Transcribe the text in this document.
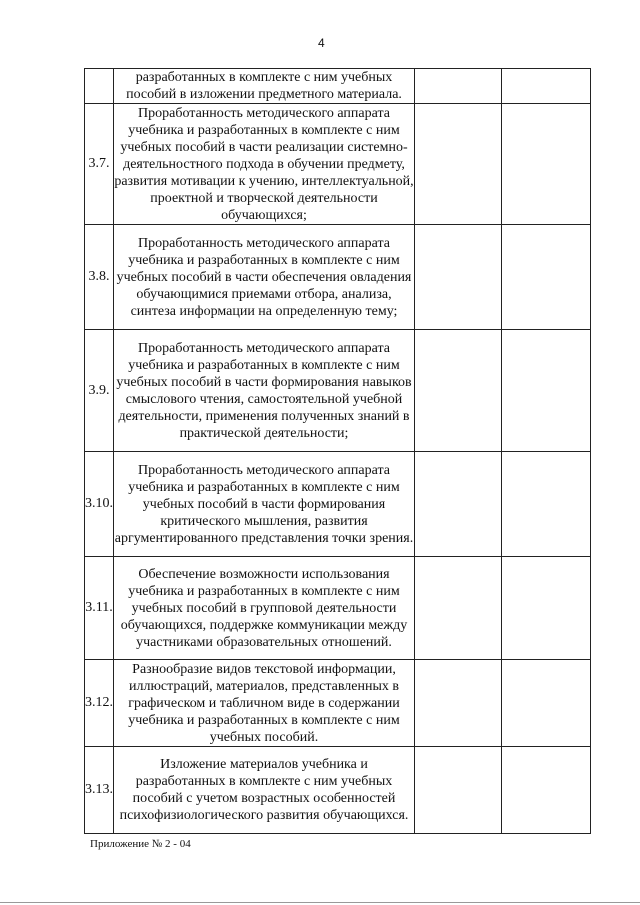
4
	разработанных в комплекте с ним учебных пособий в изложении предметного материала.		
3.7.	Проработанность методического аппарата учебника и разработанных в комплекте с ним учебных пособий в части реализации системно-деятельностного подхода в обучении предмету, развития мотивации к учению, интеллектуальной, проектной и творческой деятельности обучающихся;		
3.8.	Проработанность методического аппарата учебника и разработанных в комплекте с ним учебных пособий в части обеспечения овладения обучающимися приемами отбора, анализа, синтеза информации на определенную тему;		
3.9.	Проработанность методического аппарата учебника и разработанных в комплекте с ним учебных пособий в части формирования навыков смыслового чтения, самостоятельной учебной деятельности, применения полученных знаний в практической деятельности;		
3.10.	Проработанность методического аппарата учебника и разработанных в комплекте с ним учебных пособий в части формирования критического мышления, развития аргументированного представления точки зрения.		
3.11.	Обеспечение возможности использования учебника и разработанных в комплекте с ним учебных пособий в групповой деятельности обучающихся, поддержке коммуникации между участниками образовательных отношений.		
3.12.	Разнообразие видов текстовой информации, иллюстраций, материалов, представленных в графическом и табличном виде в содержании учебника и разработанных в комплекте с ним учебных пособий.		
3.13.	Изложение материалов учебника и разработанных в комплекте с ним учебных пособий с учетом возрастных особенностей психофизиологического развития обучающихся.		
Приложение № 2 - 04
